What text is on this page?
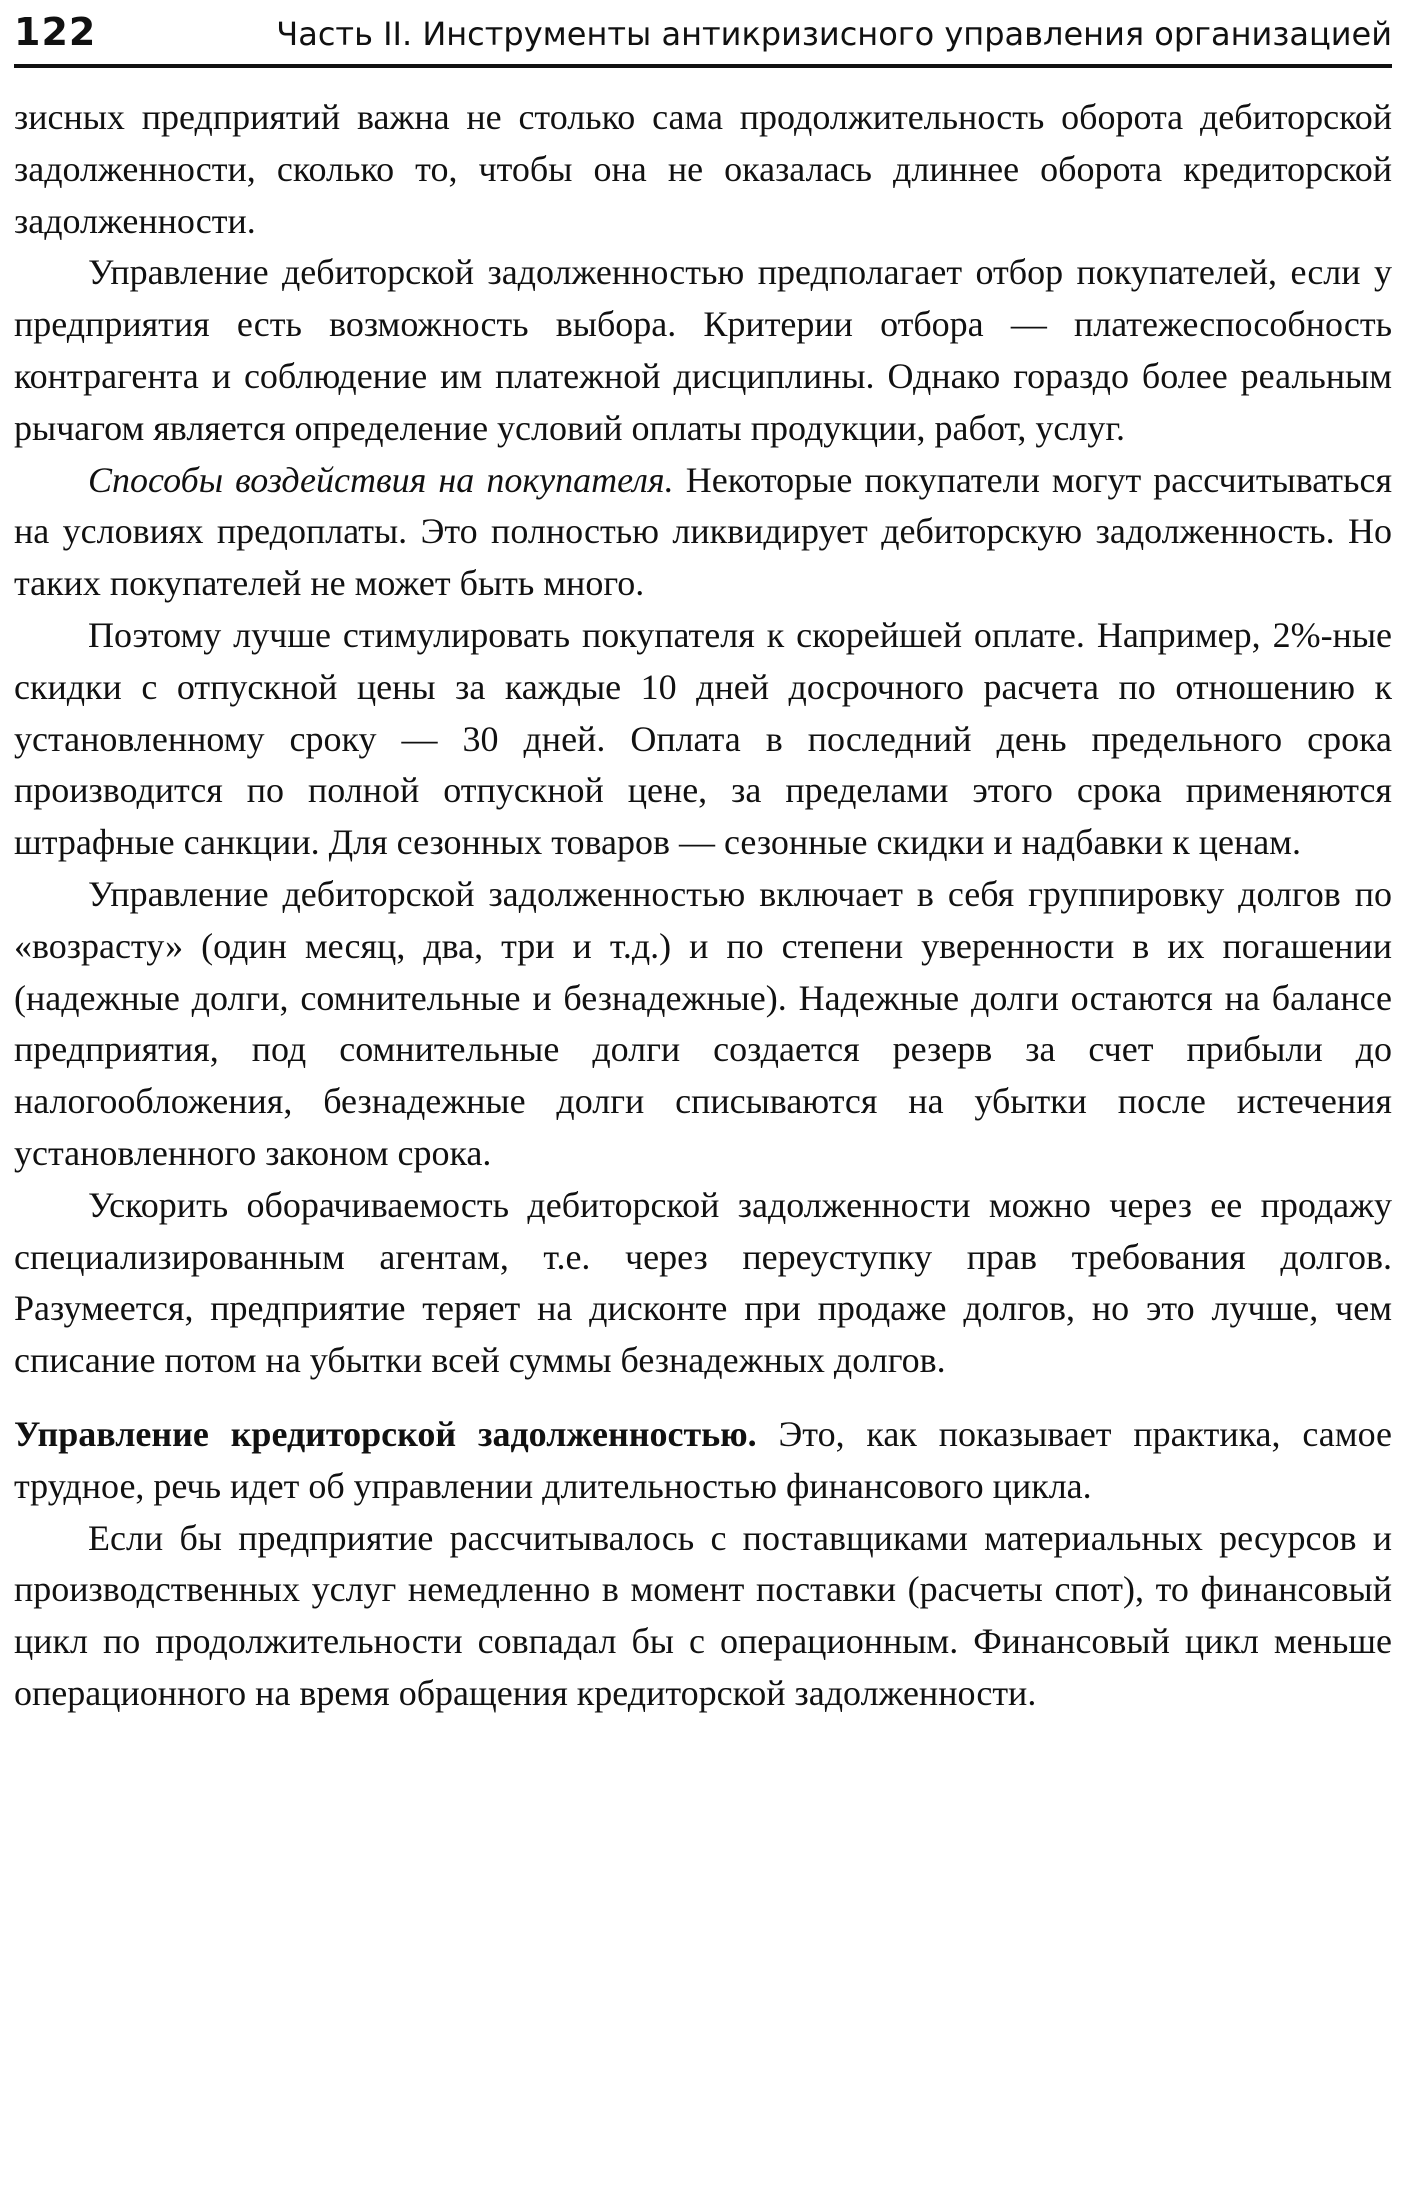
122	Часть II. Инструменты антикризисного управления организацией

зисных предприятий важна не столько сама продолжительность оборота дебиторской задолженности, сколько то, чтобы она не оказалась длиннее оборота кредиторской задолженности.

Управление дебиторской задолженностью предполагает отбор покупателей, если у предприятия есть возможность выбора. Критерии отбора — платежеспособность контрагента и соблюдение им платежной дисциплины. Однако гораздо более реальным рычагом является определение условий оплаты продукции, работ, услуг.

Способы воздействия на покупателя. Некоторые покупатели могут рассчитываться на условиях предоплаты. Это полностью ликвидирует дебиторскую задолженность. Но таких покупателей не может быть много.

Поэтому лучше стимулировать покупателя к скорейшей оплате. Например, 2%-ные скидки с отпускной цены за каждые 10 дней досрочного расчета по отношению к установленному сроку — 30 дней. Оплата в последний день предельного срока производится по полной отпускной цене, за пределами этого срока применяются штрафные санкции. Для сезонных товаров — сезонные скидки и надбавки к ценам.

Управление дебиторской задолженностью включает в себя группировку долгов по «возрасту» (один месяц, два, три и т.д.) и по степени уверенности в их погашении (надежные долги, сомнительные и безнадежные). Надежные долги остаются на балансе предприятия, под сомнительные долги создается резерв за счет прибыли до налогообложения, безнадежные долги списываются на убытки после истечения установленного законом срока.

Ускорить оборачиваемость дебиторской задолженности можно через ее продажу специализированным агентам, т.е. через переуступку прав требования долгов. Разумеется, предприятие теряет на дисконте при продаже долгов, но это лучше, чем списание потом на убытки всей суммы безнадежных долгов.

Управление кредиторской задолженностью. Это, как показывает практика, самое трудное, речь идет об управлении длительностью финансового цикла.

Если бы предприятие рассчитывалось с поставщиками материальных ресурсов и производственных услуг немедленно в момент поставки (расчеты спот), то финансовый цикл по продолжительности совпадал бы с операционным. Финансовый цикл меньше операционного на время обращения кредиторской задолженности.
